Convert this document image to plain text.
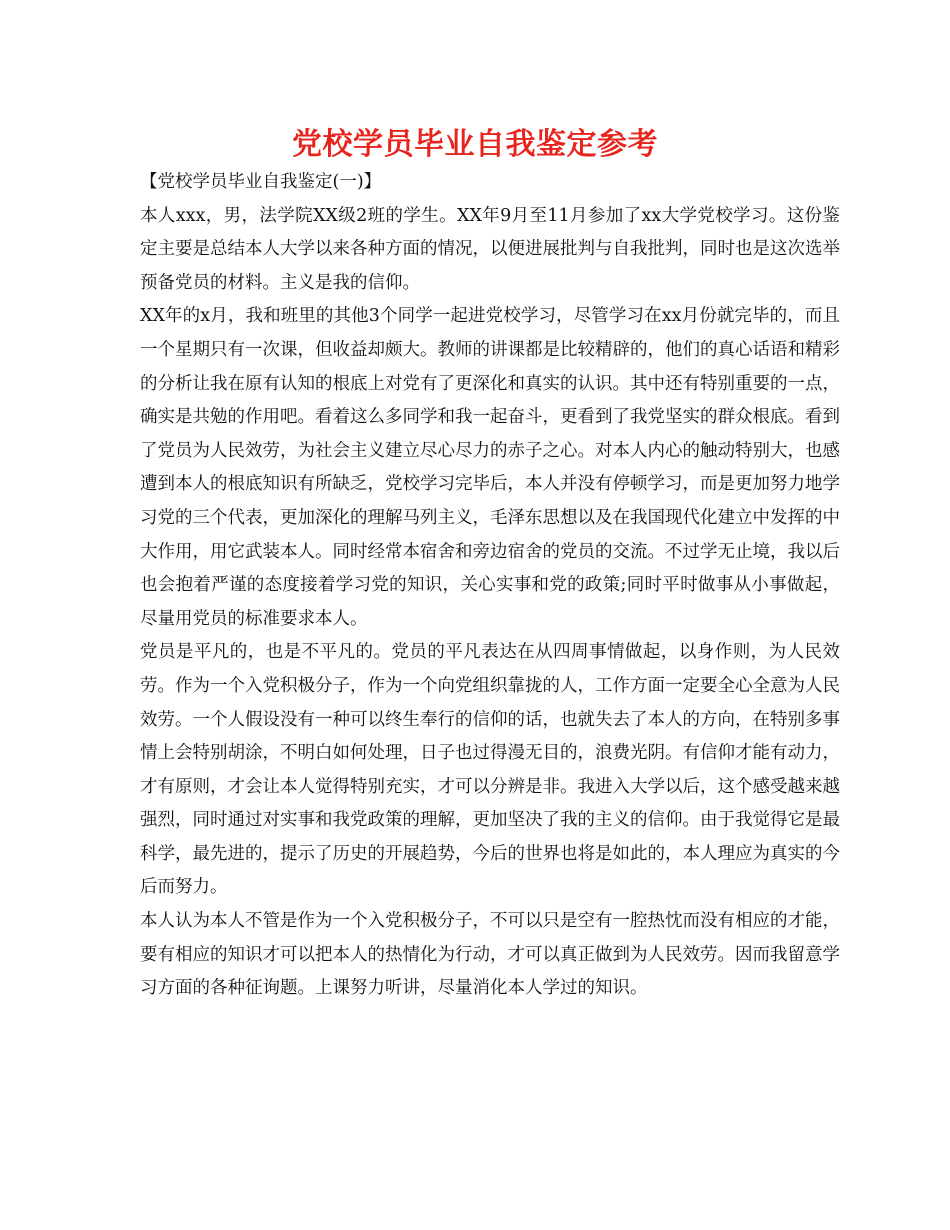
党校学员毕业自我鉴定参考

【党校学员毕业自我鉴定(一)】

本人xxx，男，法学院XX级2班的学生。XX年9月至11月参加了xx大学党校学习。这份鉴定主要是总结本人大学以来各种方面的情况，以便进展批判与自我批判，同时也是这次选举预备党员的材料。主义是我的信仰。

XX年的x月，我和班里的其他3个同学一起进党校学习，尽管学习在xx月份就完毕的，而且一个星期只有一次课，但收益却颇大。教师的讲课都是比较精辟的，他们的真心话语和精彩的分析让我在原有认知的根底上对党有了更深化和真实的认识。其中还有特别重要的一点，确实是共勉的作用吧。看着这么多同学和我一起奋斗，更看到了我党坚实的群众根底。看到了党员为人民效劳，为社会主义建立尽心尽力的赤子之心。对本人内心的触动特别大，也感遭到本人的根底知识有所缺乏，党校学习完毕后，本人并没有停顿学习，而是更加努力地学习党的三个代表，更加深化的理解马列主义，毛泽东思想以及在我国现代化建立中发挥的中大作用，用它武装本人。同时经常本宿舍和旁边宿舍的党员的交流。不过学无止境，我以后也会抱着严谨的态度接着学习党的知识，关心实事和党的政策;同时平时做事从小事做起，尽量用党员的标准要求本人。

党员是平凡的，也是不平凡的。党员的平凡表达在从四周事情做起，以身作则，为人民效劳。作为一个入党积极分子，作为一个向党组织靠拢的人，工作方面一定要全心全意为人民效劳。一个人假设没有一种可以终生奉行的信仰的话，也就失去了本人的方向，在特别多事情上会特别胡涂，不明白如何处理，日子也过得漫无目的，浪费光阴。有信仰才能有动力，才有原则，才会让本人觉得特别充实，才可以分辨是非。我进入大学以后，这个感受越来越强烈，同时通过对实事和我党政策的理解，更加坚决了我的主义的信仰。由于我觉得它是最科学，最先进的，提示了历史的开展趋势，今后的世界也将是如此的，本人理应为真实的今后而努力。

本人认为本人不管是作为一个入党积极分子，不可以只是空有一腔热忱而没有相应的才能，要有相应的知识才可以把本人的热情化为行动，才可以真正做到为人民效劳。因而我留意学习方面的各种征询题。上课努力听讲，尽量消化本人学过的知识。
